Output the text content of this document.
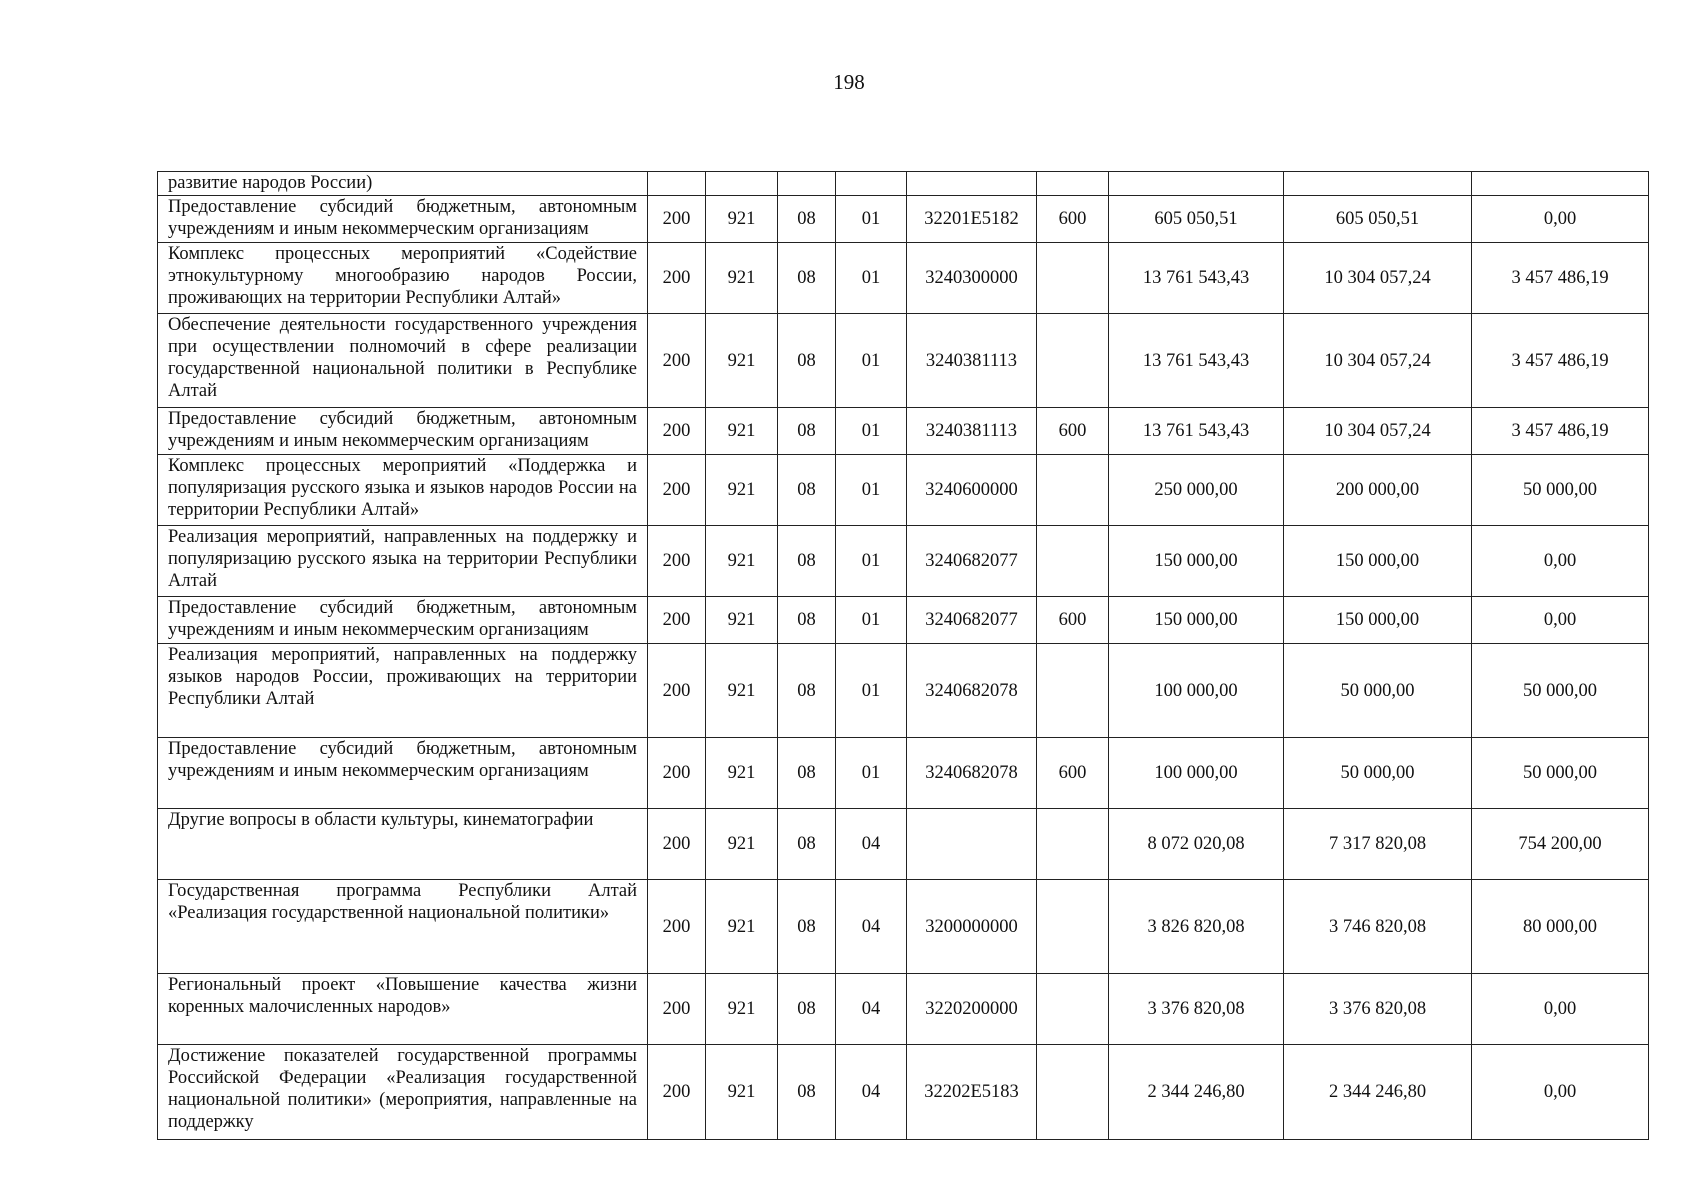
198
развитие народов России)									
Предоставление субсидий бюджетным, автономным учреждениям и иным некоммерческим организациям	200	921	08	01	32201E5182	600	605 050,51	605 050,51	0,00
Комплекс процессных мероприятий «Содействие этнокультурному многообразию народов России, проживающих на территории Республики Алтай»	200	921	08	01	3240300000		13 761 543,43	10 304 057,24	3 457 486,19
Обеспечение деятельности государственного учреждения при осуществлении полномочий в сфере реализации государственной национальной политики в Республике Алтай	200	921	08	01	3240381113		13 761 543,43	10 304 057,24	3 457 486,19
Предоставление субсидий бюджетным, автономным учреждениям и иным некоммерческим организациям	200	921	08	01	3240381113	600	13 761 543,43	10 304 057,24	3 457 486,19
Комплекс процессных мероприятий «Поддержка и популяризация русского языка и языков народов России на территории Республики Алтай»	200	921	08	01	3240600000		250 000,00	200 000,00	50 000,00
Реализация мероприятий, направленных на поддержку и популяризацию русского языка на территории Республики Алтай	200	921	08	01	3240682077		150 000,00	150 000,00	0,00
Предоставление субсидий бюджетным, автономным учреждениям и иным некоммерческим организациям	200	921	08	01	3240682077	600	150 000,00	150 000,00	0,00
Реализация мероприятий, направленных на поддержку языков народов России, проживающих на территории Республики Алтай	200	921	08	01	3240682078		100 000,00	50 000,00	50 000,00
Предоставление субсидий бюджетным, автономным учреждениям и иным некоммерческим организациям	200	921	08	01	3240682078	600	100 000,00	50 000,00	50 000,00
Другие вопросы в области культуры, кинематографии	200	921	08	04			8 072 020,08	7 317 820,08	754 200,00
Государственная программа Республики Алтай «Реализация государственной национальной политики»	200	921	08	04	3200000000		3 826 820,08	3 746 820,08	80 000,00
Региональный проект «Повышение качества жизни коренных малочисленных народов»	200	921	08	04	3220200000		3 376 820,08	3 376 820,08	0,00
Достижение показателей государственной программы Российской Федерации «Реализация государственной национальной политики» (мероприятия, направленные на поддержку	200	921	08	04	32202E5183		2 344 246,80	2 344 246,80	0,00
